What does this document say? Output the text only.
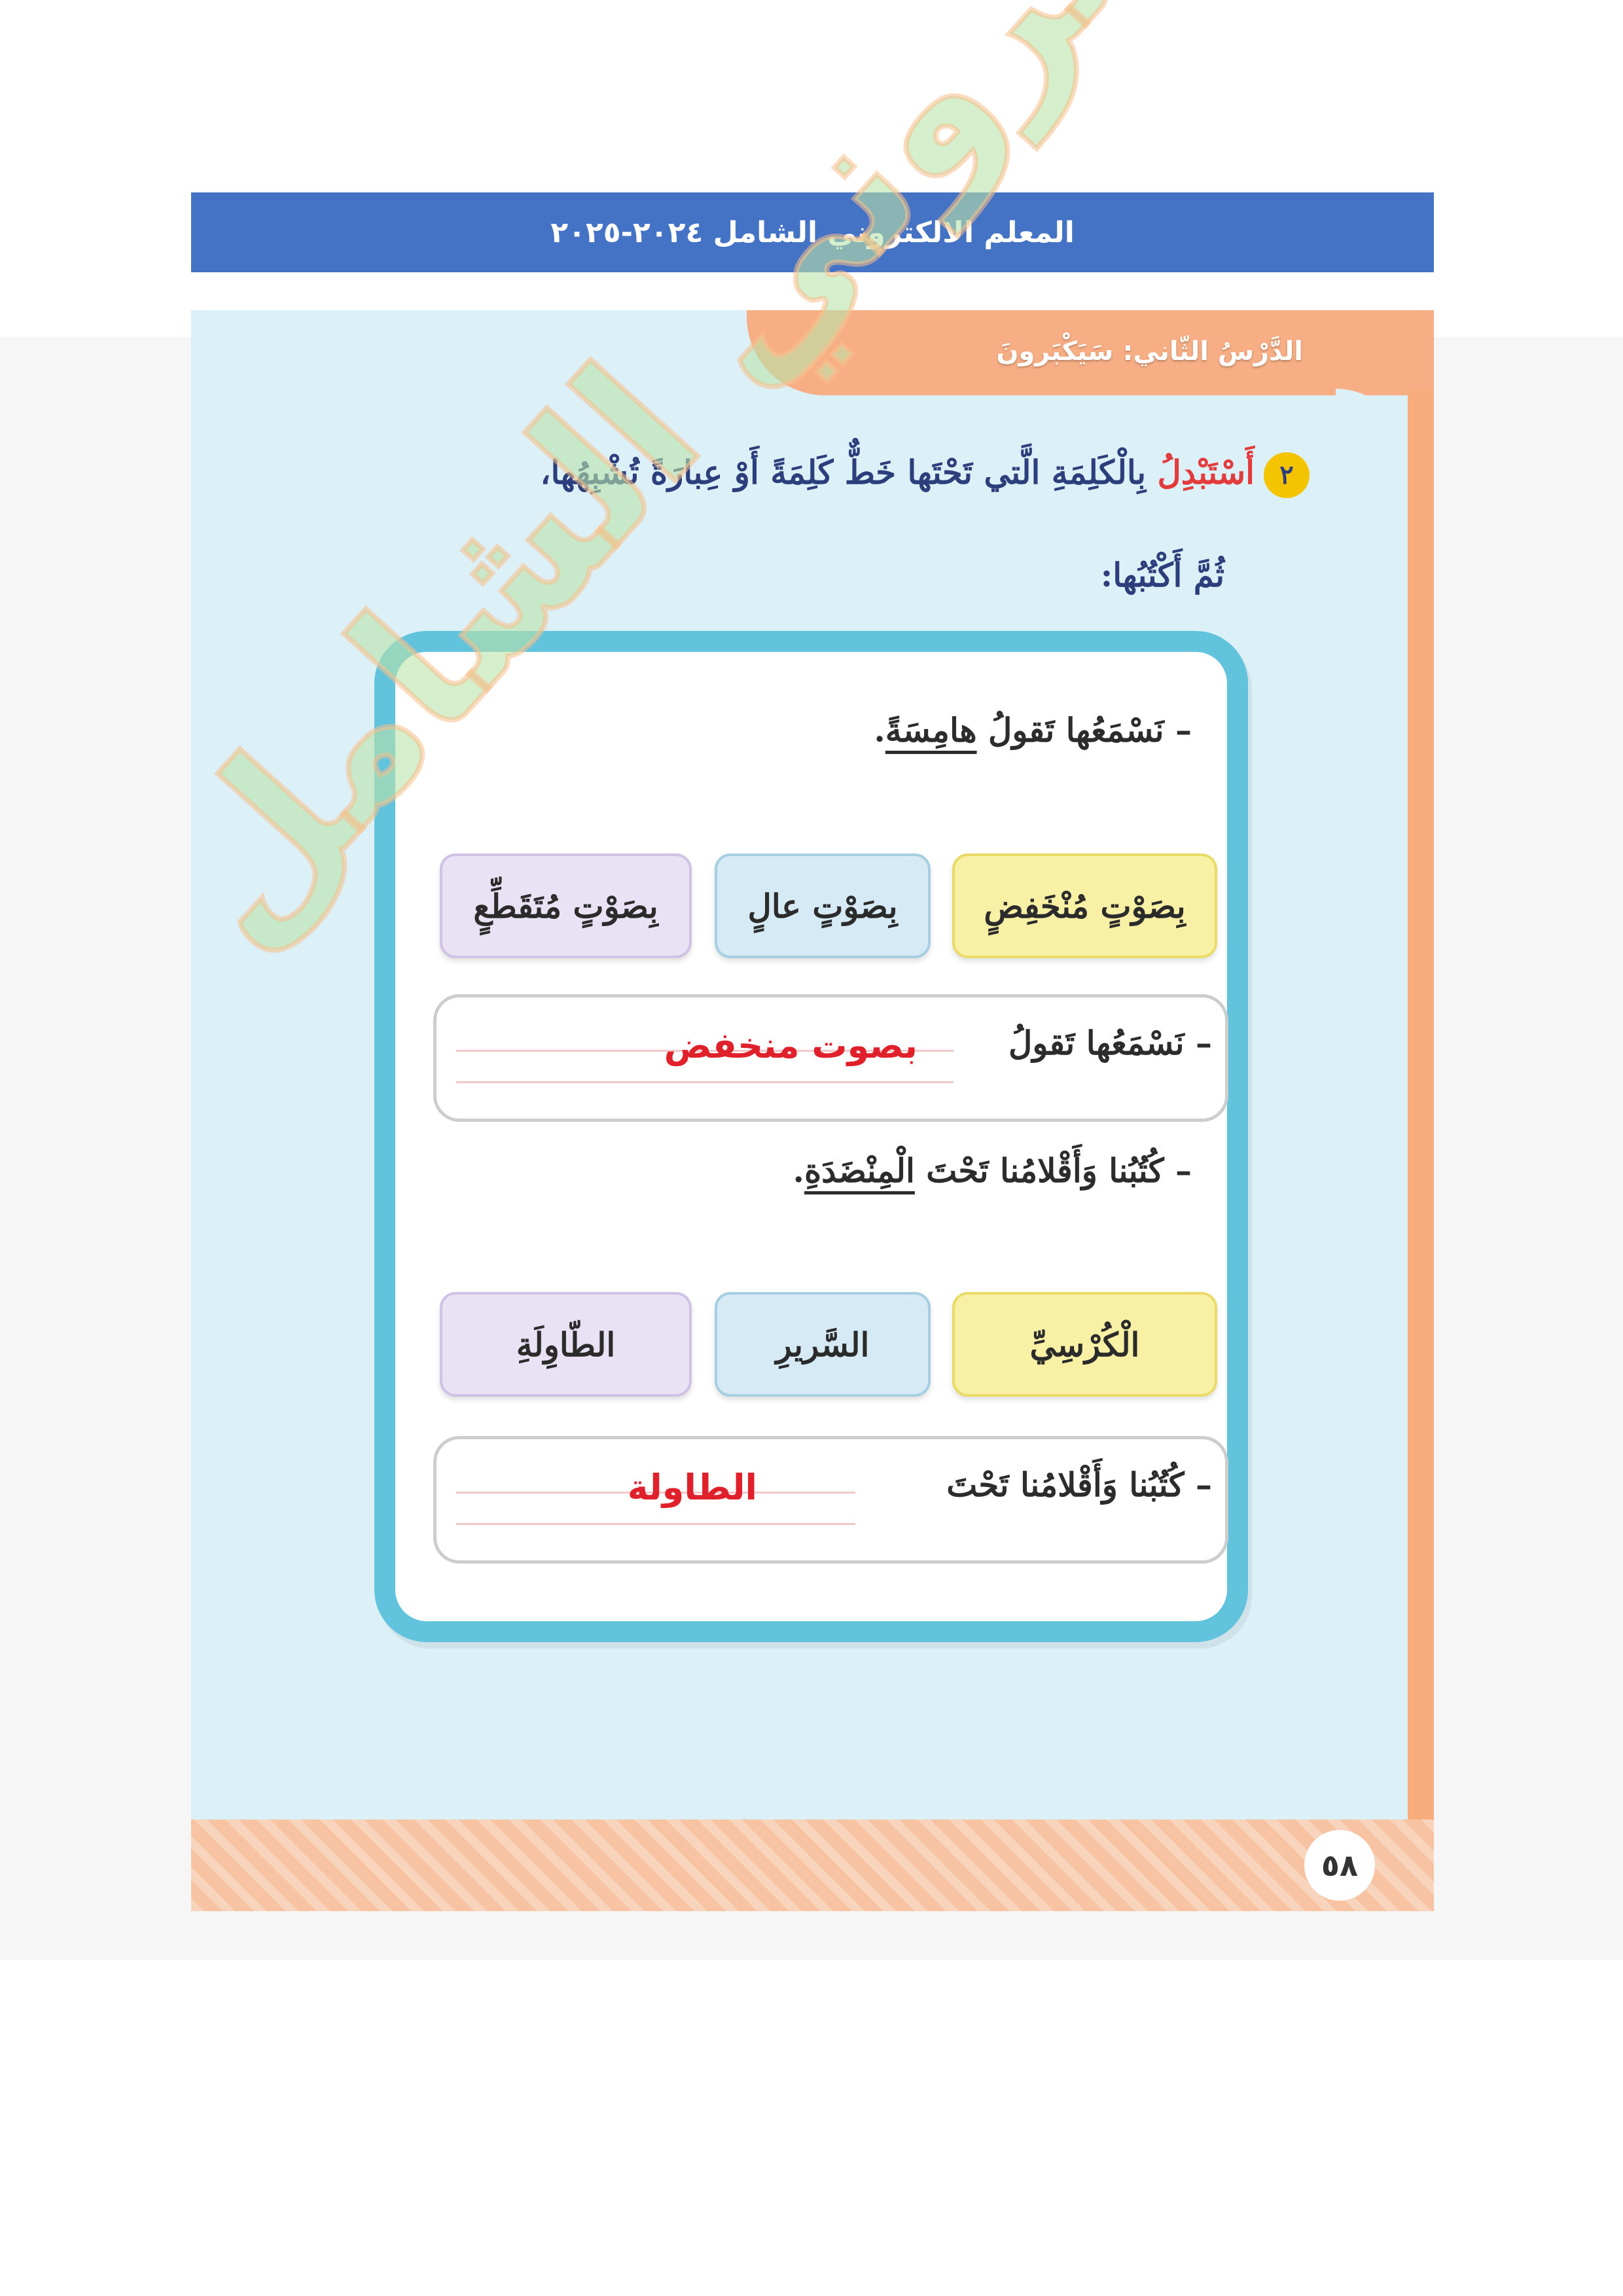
المعلم الالكتروني الشامل ٢٠٢٤-٢٠٢٥
الدَّرْسُ الثّاني: سَيَكْبَرونَ
٢أَسْتَبْدِلُ بِالْكَلِمَةِ الَّتي تَحْتَها خَطٌّ كَلِمَةً أَوْ عِبارَةً تُشْبِهُها،
ثُمَّ أَكْتُبُها:
– نَسْمَعُها تَقولُ هامِسَةً.
بِصَوْتٍ مُنْخَفِضٍ
بِصَوْتٍ عالٍ
بِصَوْتٍ مُتَقَطِّعٍ
– نَسْمَعُها تَقولُ
بصوت منخفض
– كُتُبُنا وَأَقْلامُنا تَحْتَ الْمِنْضَدَةِ.
الْكُرْسِيِّ
السَّريرِ
الطّاوِلَةِ
– كُتُبُنا وَأَقْلامُنا تَحْتَ
الطاولة
٥٨
الشامل
